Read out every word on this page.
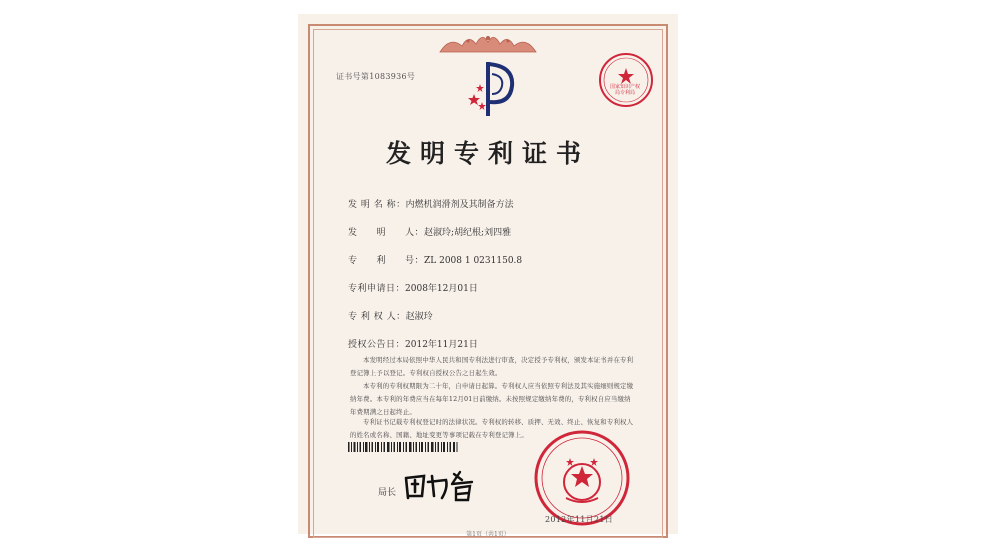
证书号第1083936号
国家知识产权局专利局
发明专利证书
发 明 名 称：内燃机润滑剂及其制备方法
发　　明　　人：赵淑玲;胡纪根;刘四雅
专　　利　　号：ZL 2008 1 0231150.8
专利申请日：2008年12月01日
专 利 权 人：赵淑玲
授权公告日：2012年11月21日
本发明经过本局依照中华人民共和国专利法进行审查，决定授予专利权，颁发本证书并在专利登记簿上予以登记。专利权自授权公告之日起生效。
本专利的专利权期限为二十年，自申请日起算。专利权人应当依照专利法及其实施细则规定缴纳年费。本专利的年费应当在每年12月01日前缴纳。未按照规定缴纳年费的，专利权自应当缴纳年费期满之日起终止。
专利证书记载专利权登记时的法律状况。专利权的转移、质押、无效、终止、恢复和专利权人的姓名或名称、国籍、地址变更等事项记载在专利登记簿上。
局长
2012年11月21日
第1页（共1页）
